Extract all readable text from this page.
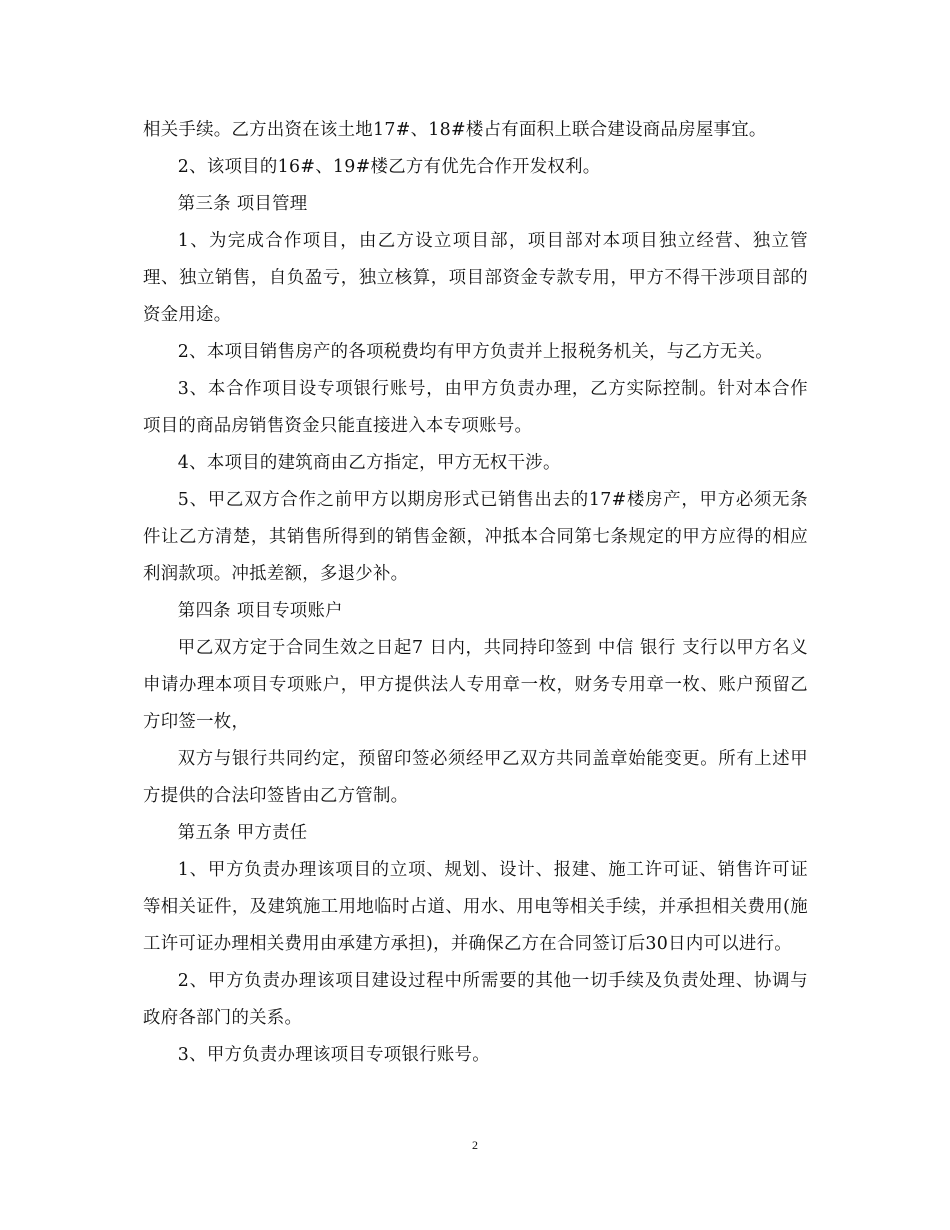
相关手续。乙方出资在该土地17#、18#楼占有面积上联合建设商品房屋事宜。

2、该项目的16#、19#楼乙方有优先合作开发权利。

第三条 项目管理

1、为完成合作项目，由乙方设立项目部，项目部对本项目独立经营、独立管理、独立销售，自负盈亏，独立核算，项目部资金专款专用，甲方不得干涉项目部的资金用途。

2、本项目销售房产的各项税费均有甲方负责并上报税务机关，与乙方无关。

3、本合作项目设专项银行账号，由甲方负责办理，乙方实际控制。针对本合作项目的商品房销售资金只能直接进入本专项账号。

4、本项目的建筑商由乙方指定，甲方无权干涉。

5、甲乙双方合作之前甲方以期房形式已销售出去的17#楼房产，甲方必须无条件让乙方清楚，其销售所得到的销售金额，冲抵本合同第七条规定的甲方应得的相应利润款项。冲抵差额，多退少补。

第四条 项目专项账户

甲乙双方定于合同生效之日起7 日内，共同持印签到 中信 银行 支行以甲方名义申请办理本项目专项账户，甲方提供法人专用章一枚，财务专用章一枚、账户预留乙方印签一枚，

双方与银行共同约定，预留印签必须经甲乙双方共同盖章始能变更。所有上述甲方提供的合法印签皆由乙方管制。

第五条 甲方责任

1、甲方负责办理该项目的立项、规划、设计、报建、施工许可证、销售许可证等相关证件，及建筑施工用地临时占道、用水、用电等相关手续，并承担相关费用(施工许可证办理相关费用由承建方承担)，并确保乙方在合同签订后30日内可以进行。

2、甲方负责办理该项目建设过程中所需要的其他一切手续及负责处理、协调与政府各部门的关系。

3、甲方负责办理该项目专项银行账号。

2
